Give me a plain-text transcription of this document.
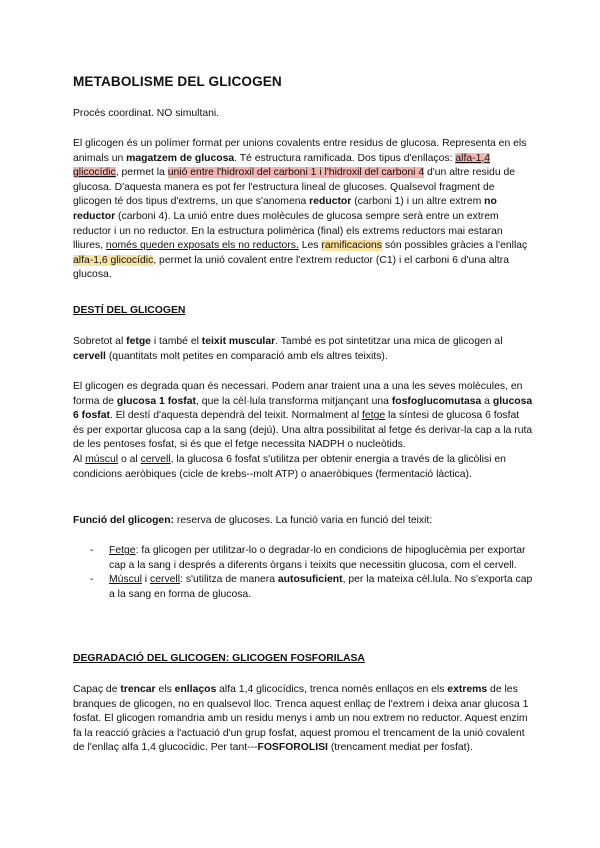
METABOLISME DEL GLICOGEN

Procés coordinat. NO simultani.

El glicogen és un polímer format per unions covalents entre residus de glucosa. Representa en els animals un magatzem de glucosa. Té estructura ramificada. Dos tipus d'enllaços: alfa-1,4 glicocídic, permet la unió entre l'hidroxil del carboni 1 i l'hidroxil del carboni 4 d'un altre residu de glucosa. D'aquesta manera es pot fer l'estructura lineal de glucoses. Qualsevol fragment de glicogen té dos tipus d'extrems, un que s'anomena reductor (carboni 1) i un altre extrem no reductor (carboni 4). La unió entre dues molècules de glucosa sempre serà entre un extrem reductor i un no reductor. En la estructura polimèrica (final) els extrems reductors mai estaran lliures, només queden exposats els no reductors. Les ramificacions són possibles gràcies a l'enllaç alfa-1,6 glicocídic, permet la unió covalent entre l'extrem reductor (C1) i el carboni 6 d'una altra glucosa.

DESTÍ DEL GLICOGEN

Sobretot al fetge i també el teixit muscular. També es pot sintetitzar una mica de glicogen al cervell (quantitats molt petites en comparació amb els altres teixits).

El glicogen es degrada quan és necessari. Podem anar traient una a una les seves molècules, en forma de glucosa 1 fosfat, que la cèl·lula transforma mitjançant una fosfoglucomutasa a glucosa 6 fosfat. El destí d'aquesta dependrà del teixit. Normalment al fetge la síntesi de glucosa 6 fosfat és per exportar glucosa cap a la sang (dejú). Una altra possibilitat al fetge és derivar-la cap a la ruta de les pentoses fosfat, si és que el fetge necessita NADPH o nucleòtids.

Al múscul o al cervell, la glucosa 6 fosfat s'utilitza per obtenir energia a través de la glicòlisi en condicions aeròbiques (cicle de krebs--molt ATP) o anaeròbiques (fermentació làctica).

Funció del glicogen: reserva de glucoses. La funció varia en funció del teixit:

- Fetge: fa glicogen per utilitzar-lo o degradar-lo en condicions de hipoglucèmia per exportar cap a la sang i després a diferents òrgans i teixits que necessitin glucosa, com el cervell.
- Múscul i cervell: s'utilitza de manera autosuficient, per la mateixa cèl.lula. No s'exporta cap a la sang en forma de glucosa.
DEGRADACIÓ DEL GLICOGEN: GLICOGEN FOSFORILASA

Capaç de trencar els enllaços alfa 1,4 glicocídics, trenca només enllaços en els extrems de les branques de glicogen, no en qualsevol lloc. Trenca aquest enllaç de l'extrem i deixa anar glucosa 1 fosfat. El glicogen romandria amb un residu menys i amb un nou extrem no reductor. Aquest enzim fa la reacció gràcies a l'actuació d'un grup fosfat, aquest promou el trencament de la unió covalent de l'enllaç alfa 1,4 glucocídic. Per tant---FOSFOROLISI (trencament mediat per fosfat).
